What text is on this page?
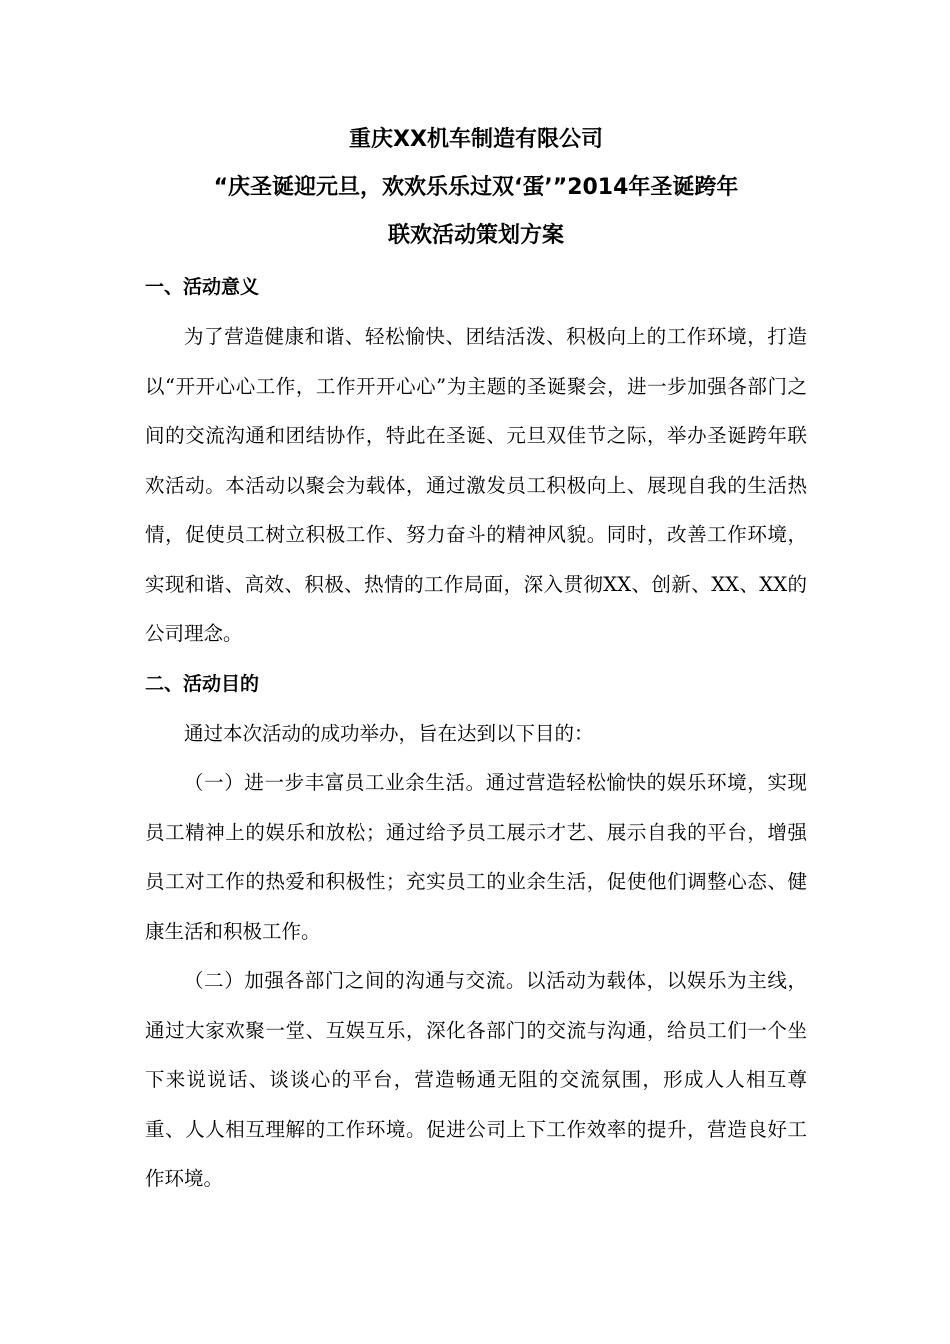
重庆XX机车制造有限公司
“庆圣诞迎元旦，欢欢乐乐过双‘蛋’”2014年圣诞跨年
联欢活动策划方案
一、活动意义

为了营造健康和谐、轻松愉快、团结活泼、积极向上的工作环境，打造以“开开心心工作，工作开开心心”为主题的圣诞聚会，进一步加强各部门之间的交流沟通和团结协作，特此在圣诞、元旦双佳节之际，举办圣诞跨年联欢活动。本活动以聚会为载体，通过激发员工积极向上、展现自我的生活热情，促使员工树立积极工作、努力奋斗的精神风貌。同时，改善工作环境，实现和谐、高效、积极、热情的工作局面，深入贯彻XX、创新、XX、XX的公司理念。

二、活动目的

通过本次活动的成功举办，旨在达到以下目的：

（一）进一步丰富员工业余生活。通过营造轻松愉快的娱乐环境，实现员工精神上的娱乐和放松；通过给予员工展示才艺、展示自我的平台，增强员工对工作的热爱和积极性；充实员工的业余生活，促使他们调整心态、健康生活和积极工作。

（二）加强各部门之间的沟通与交流。以活动为载体，以娱乐为主线，通过大家欢聚一堂、互娱互乐，深化各部门的交流与沟通，给员工们一个坐下来说说话、谈谈心的平台，营造畅通无阻的交流氛围，形成人人相互尊重、人人相互理解的工作环境。促进公司上下工作效率的提升，营造良好工作环境。
